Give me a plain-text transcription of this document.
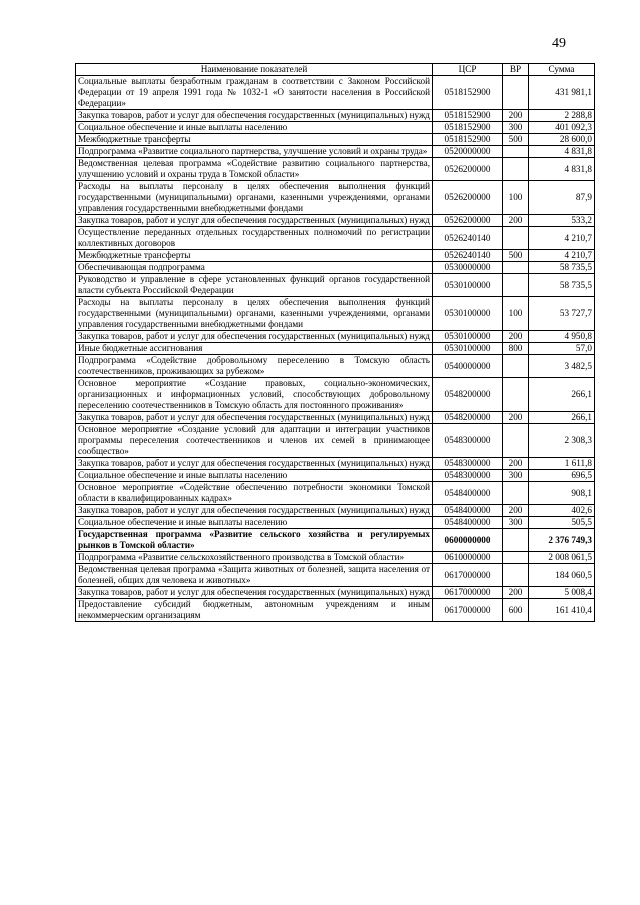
49
Наименование показателей	ЦСР	ВР	Сумма
Социальные выплаты безработным гражданам в соответствии с Законом Российской Федерации от 19 апреля 1991 года № 1032-1 «О занятости населения в Российской Федерации»	0518152900		431 981,1
Закупка товаров, работ и услуг для обеспечения государственных (муниципальных) нужд	0518152900	200	2 288,8
Социальное обеспечение и иные выплаты населению	0518152900	300	401 092,3
Межбюджетные трансферты	0518152900	500	28 600,0
Подпрограмма «Развитие социального партнерства, улучшение условий и охраны труда»	0520000000		4 831,8
Ведомственная целевая программа «Содействие развитию социального партнерства, улучшению условий и охраны труда в Томской области»	0526200000		4 831,8
Расходы на выплаты персоналу в целях обеспечения выполнения функций государственными (муниципальными) органами, казенными учреждениями, органами управления государственными внебюджетными фондами	0526200000	100	87,9
Закупка товаров, работ и услуг для обеспечения государственных (муниципальных) нужд	0526200000	200	533,2
Осуществление переданных отдельных государственных полномочий по регистрации коллективных договоров	0526240140		4 210,7
Межбюджетные трансферты	0526240140	500	4 210,7
Обеспечивающая подпрограмма	0530000000		58 735,5
Руководство и управление в сфере установленных функций органов государственной власти субъекта Российской Федерации	0530100000		58 735,5
Расходы на выплаты персоналу в целях обеспечения выполнения функций государственными (муниципальными) органами, казенными учреждениями, органами управления государственными внебюджетными фондами	0530100000	100	53 727,7
Закупка товаров, работ и услуг для обеспечения государственных (муниципальных) нужд	0530100000	200	4 950,8
Иные бюджетные ассигнования	0530100000	800	57,0
Подпрограмма «Содействие добровольному переселению в Томскую область соотечественников, проживающих за рубежом»	0540000000		3 482,5
Основное мероприятие «Создание правовых, социально-экономических, организационных и информационных условий, способствующих добровольному переселению соотечественников в Томскую область для постоянного проживания»	0548200000		266,1
Закупка товаров, работ и услуг для обеспечения государственных (муниципальных) нужд	0548200000	200	266,1
Основное мероприятие «Создание условий для адаптации и интеграции участников программы переселения соотечественников и членов их семей в принимающее сообщество»	0548300000		2 308,3
Закупка товаров, работ и услуг для обеспечения государственных (муниципальных) нужд	0548300000	200	1 611,8
Социальное обеспечение и иные выплаты населению	0548300000	300	696,5
Основное мероприятие «Содействие обеспечению потребности экономики Томской области в квалифицированных кадрах»	0548400000		908,1
Закупка товаров, работ и услуг для обеспечения государственных (муниципальных) нужд	0548400000	200	402,6
Социальное обеспечение и иные выплаты населению	0548400000	300	505,5
Государственная программа «Развитие сельского хозяйства и регулируемых рынков в Томской области»	0600000000		2 376 749,3
Подпрограмма «Развитие сельскохозяйственного производства в Томской области»	0610000000		2 008 061,5
Ведомственная целевая программа «Защита животных от болезней, защита населения от болезней, общих для человека и животных»	0617000000		184 060,5
Закупка товаров, работ и услуг для обеспечения государственных (муниципальных) нужд	0617000000	200	5 008,4
Предоставление субсидий бюджетным, автономным учреждениям и иным некоммерческим организациям	0617000000	600	161 410,4
